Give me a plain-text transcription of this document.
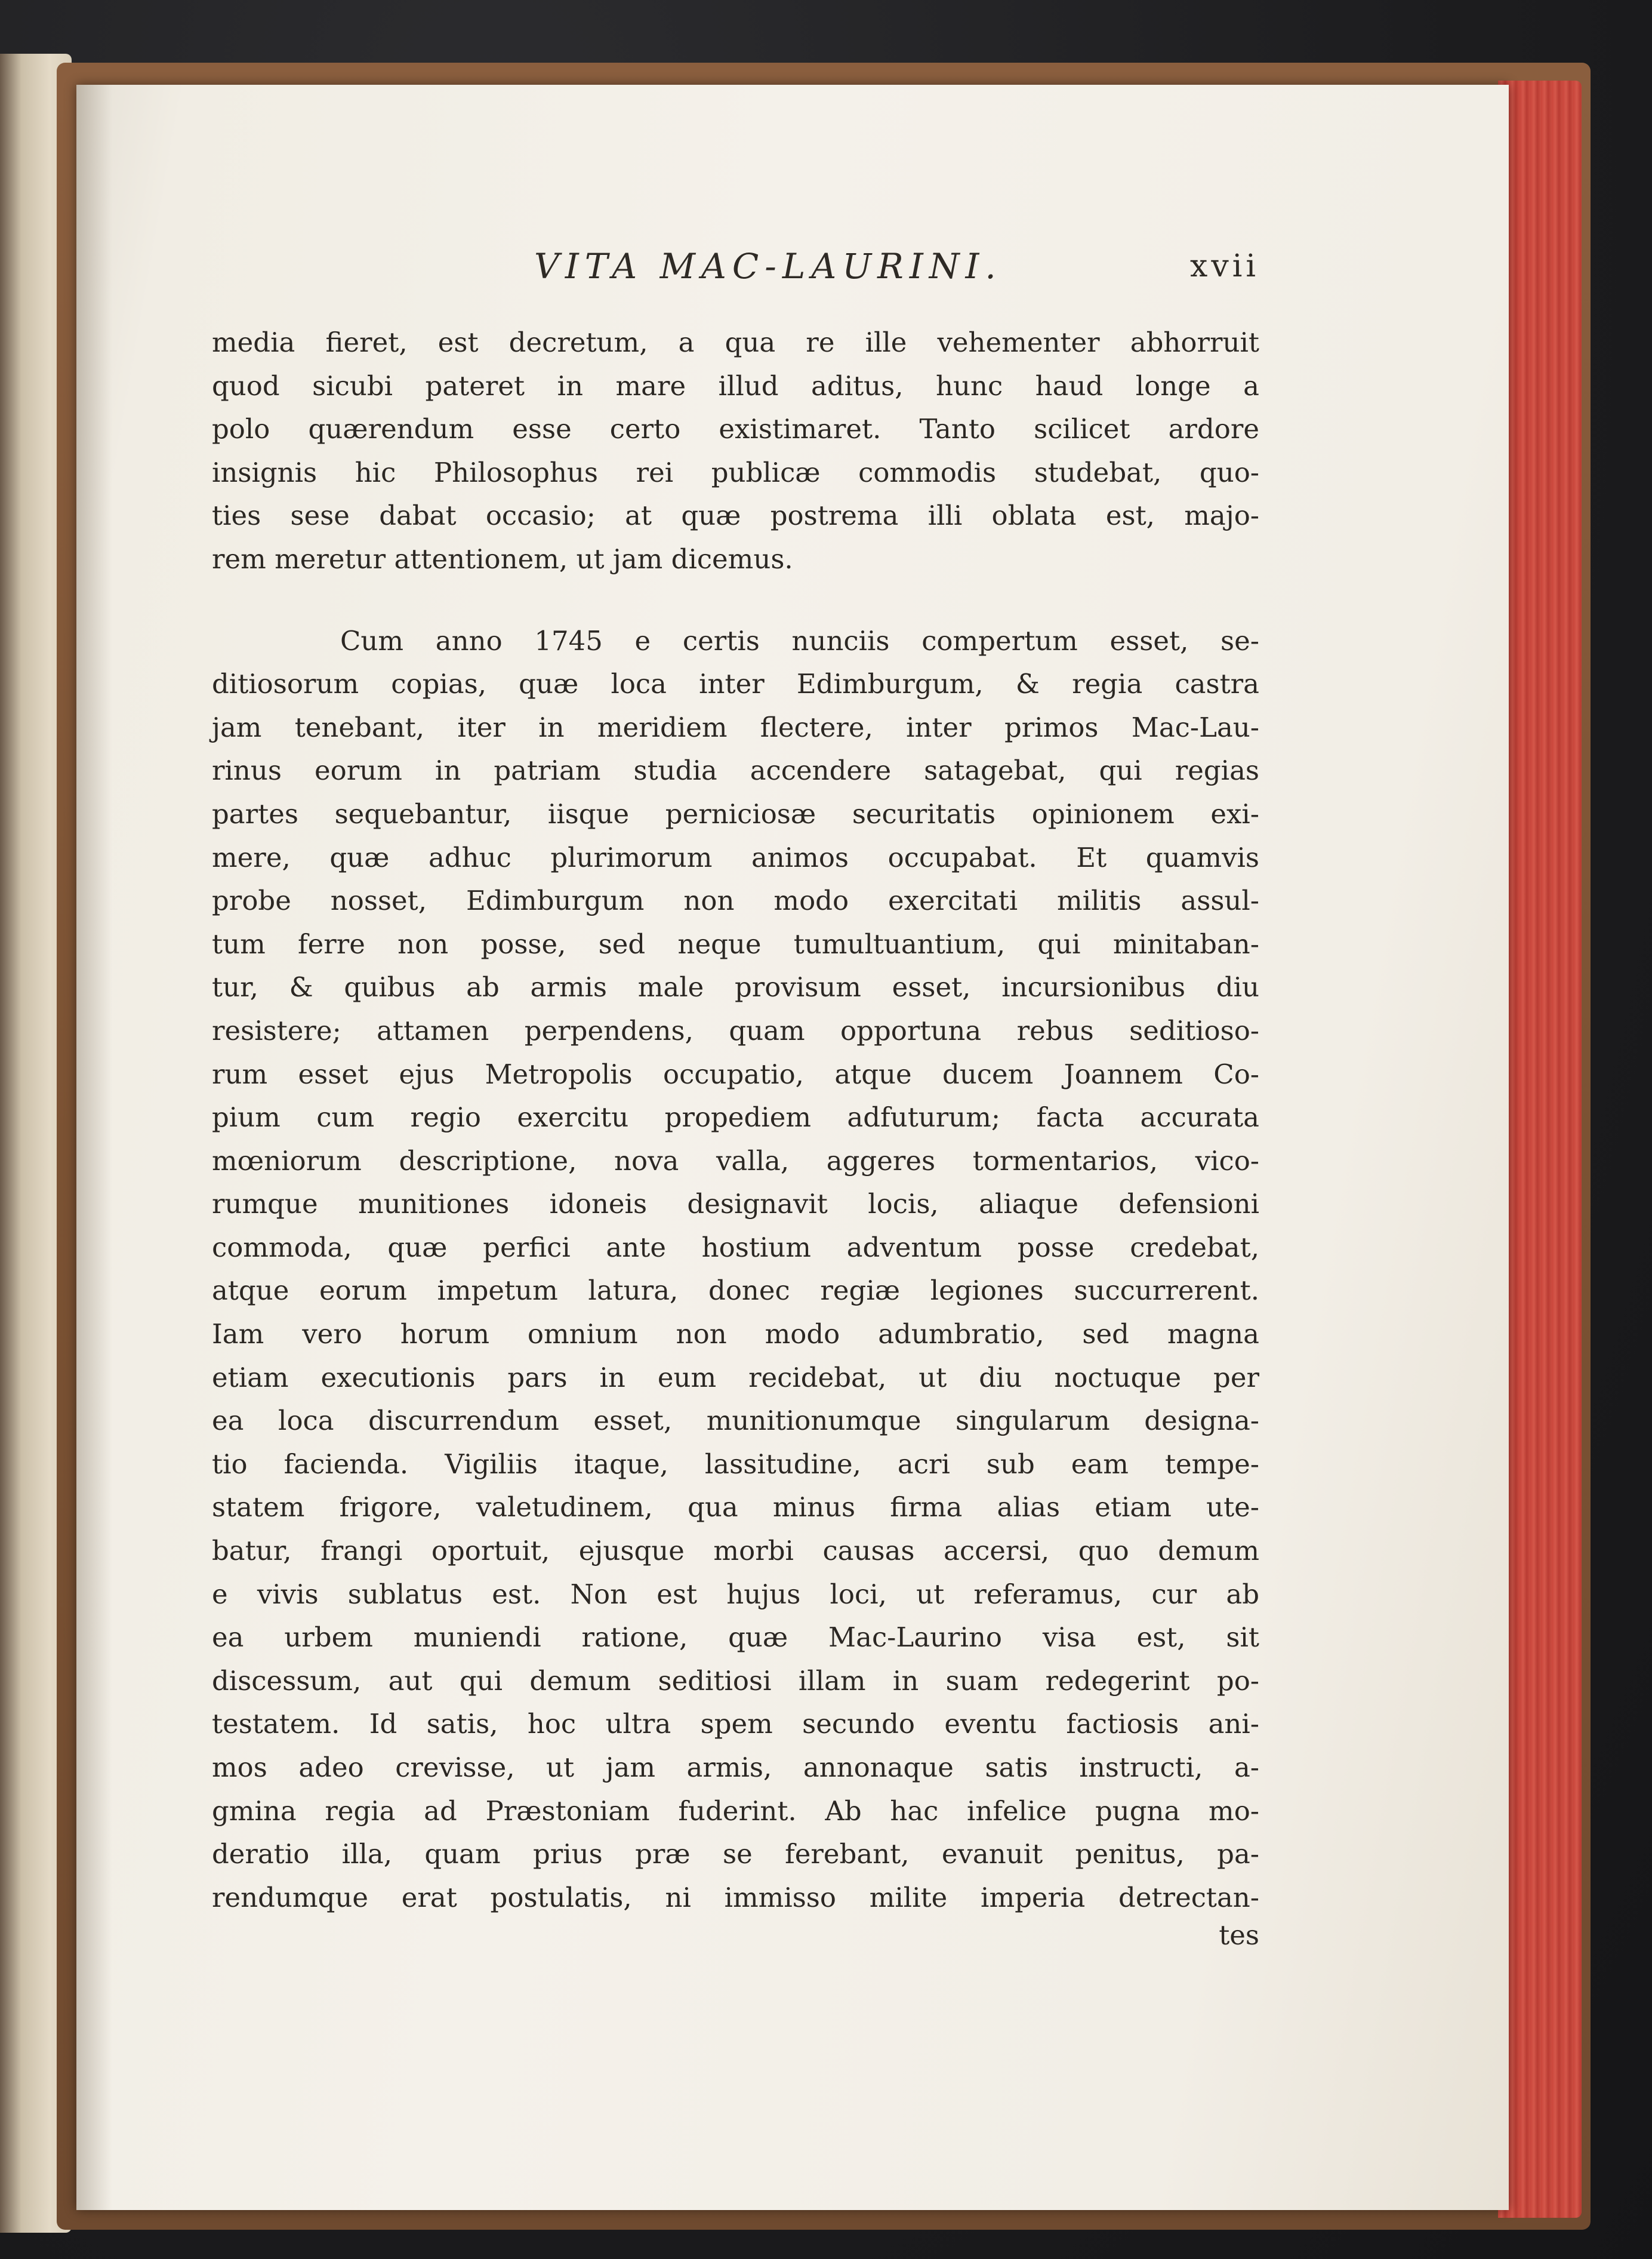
VITA MAC-LAURINI.	xvii
media fieret, est decretum, a qua re ille vehementer abhorruit
quod sicubi pateret in mare illud aditus, hunc haud longe a
polo quærendum esse certo existimaret. Tanto scilicet ardore
insignis hic Philosophus rei publicæ commodis studebat, quo-
ties sese dabat occasio; at quæ postrema illi oblata est, majo-
rem meretur attentionem, ut jam dicemus.
Cum anno 1745 e certis nunciis compertum esset, se-
ditiosorum copias, quæ loca inter Edimburgum, & regia castra
jam tenebant, iter in meridiem flectere, inter primos Mac-Lau-
rinus eorum in patriam studia accendere satagebat, qui regias
partes sequebantur, iisque perniciosæ securitatis opinionem exi-
mere, quæ adhuc plurimorum animos occupabat. Et quamvis
probe nosset, Edimburgum non modo exercitati militis assul-
tum ferre non posse, sed neque tumultuantium, qui minitaban-
tur, & quibus ab armis male provisum esset, incursionibus diu
resistere; attamen perpendens, quam opportuna rebus seditioso-
rum esset ejus Metropolis occupatio, atque ducem Joannem Co-
pium cum regio exercitu propediem adfuturum; facta accurata
mœniorum descriptione, nova valla, aggeres tormentarios, vico-
rumque munitiones idoneis designavit locis, aliaque defensioni
commoda, quæ perfici ante hostium adventum posse credebat,
atque eorum impetum latura, donec regiæ legiones succurrerent.
Iam vero horum omnium non modo adumbratio, sed magna
etiam executionis pars in eum recidebat, ut diu noctuque per
ea loca discurrendum esset, munitionumque singularum designa-
tio facienda. Vigiliis itaque, lassitudine, acri sub eam tempe-
statem frigore, valetudinem, qua minus firma alias etiam ute-
batur, frangi oportuit, ejusque morbi causas accersi, quo demum
e vivis sublatus est. Non est hujus loci, ut referamus, cur ab
ea urbem muniendi ratione, quæ Mac-Laurino visa est, sit
discessum, aut qui demum seditiosi illam in suam redegerint po-
testatem. Id satis, hoc ultra spem secundo eventu factiosis ani-
mos adeo crevisse, ut jam armis, annonaque satis instructi, a-
gmina regia ad Præstoniam fuderint. Ab hac infelice pugna mo-
deratio illa, quam prius præ se ferebant, evanuit penitus, pa-
rendumque erat postulatis, ni immisso milite imperia detrectan-
tes
